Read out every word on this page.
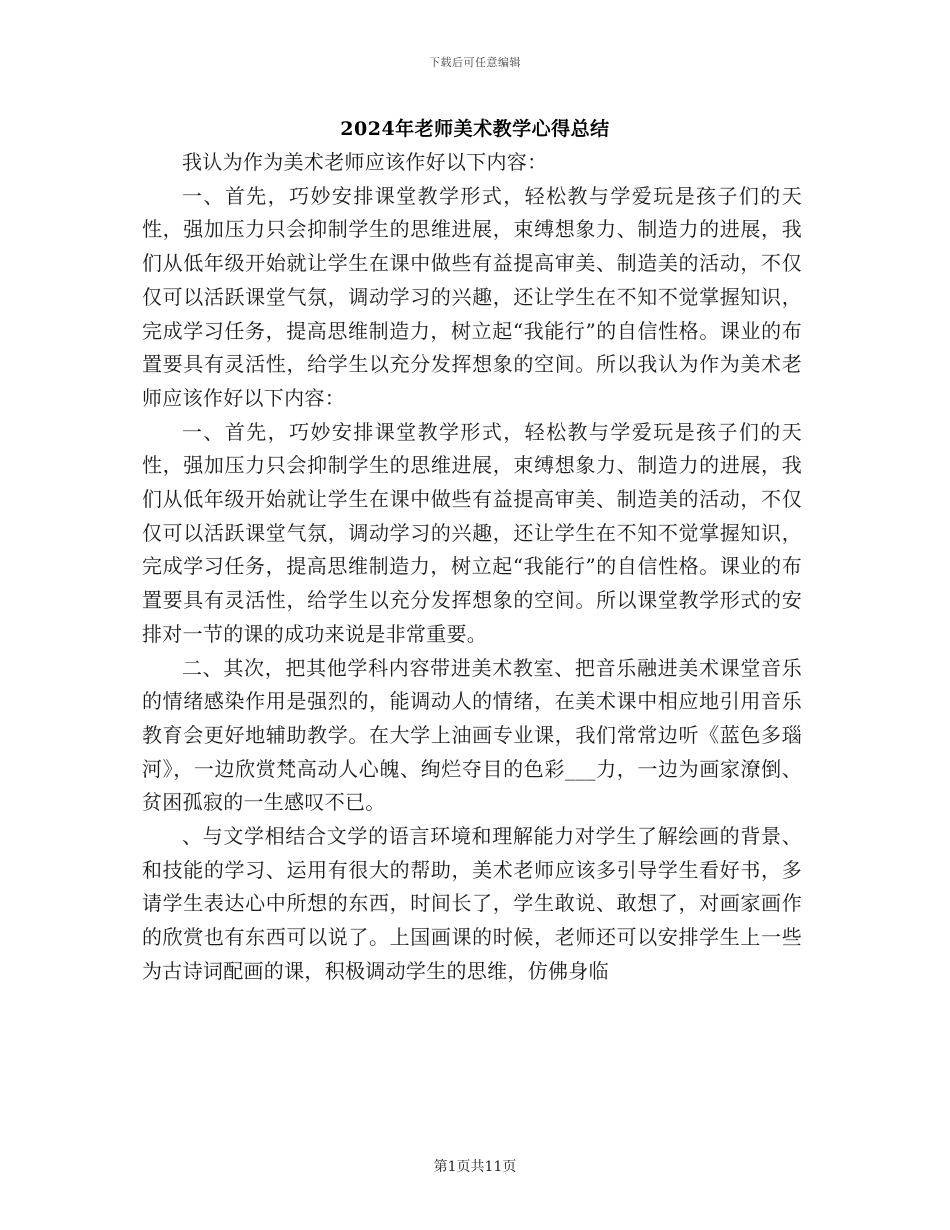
下载后可任意编辑
2024年老师美术教学心得总结

我认为作为美术老师应该作好以下内容：

一、首先，巧妙安排课堂教学形式，轻松教与学爱玩是孩子们的天性，强加压力只会抑制学生的思维进展，束缚想象力、制造力的进展，我们从低年级开始就让学生在课中做些有益提高审美、制造美的活动，不仅仅可以活跃课堂气氛，调动学习的兴趣，还让学生在不知不觉掌握知识，完成学习任务，提高思维制造力，树立起“我能行”的自信性格。课业的布置要具有灵活性，给学生以充分发挥想象的空间。所以我认为作为美术老师应该作好以下内容：

一、首先，巧妙安排课堂教学形式，轻松教与学爱玩是孩子们的天性，强加压力只会抑制学生的思维进展，束缚想象力、制造力的进展，我们从低年级开始就让学生在课中做些有益提高审美、制造美的活动，不仅仅可以活跃课堂气氛，调动学习的兴趣，还让学生在不知不觉掌握知识，完成学习任务，提高思维制造力，树立起“我能行”的自信性格。课业的布置要具有灵活性，给学生以充分发挥想象的空间。所以课堂教学形式的安排对一节的课的成功来说是非常重要。

二、其次，把其他学科内容带进美术教室、把音乐融进美术课堂音乐的情绪感染作用是强烈的，能调动人的情绪，在美术课中相应地引用音乐教育会更好地辅助教学。在大学上油画专业课，我们常常边听《蓝色多瑙河》，一边欣赏梵高动人心魄、绚烂夺目的色彩___力，一边为画家潦倒、贫困孤寂的一生感叹不已。

、与文学相结合文学的语言环境和理解能力对学生了解绘画的背景、和技能的学习、运用有很大的帮助，美术老师应该多引导学生看好书，多请学生表达心中所想的东西，时间长了，学生敢说、敢想了，对画家画作的欣赏也有东西可以说了。上国画课的时候，老师还可以安排学生上一些为古诗词配画的课，积极调动学生的思维，仿佛身临

第1页共11页
